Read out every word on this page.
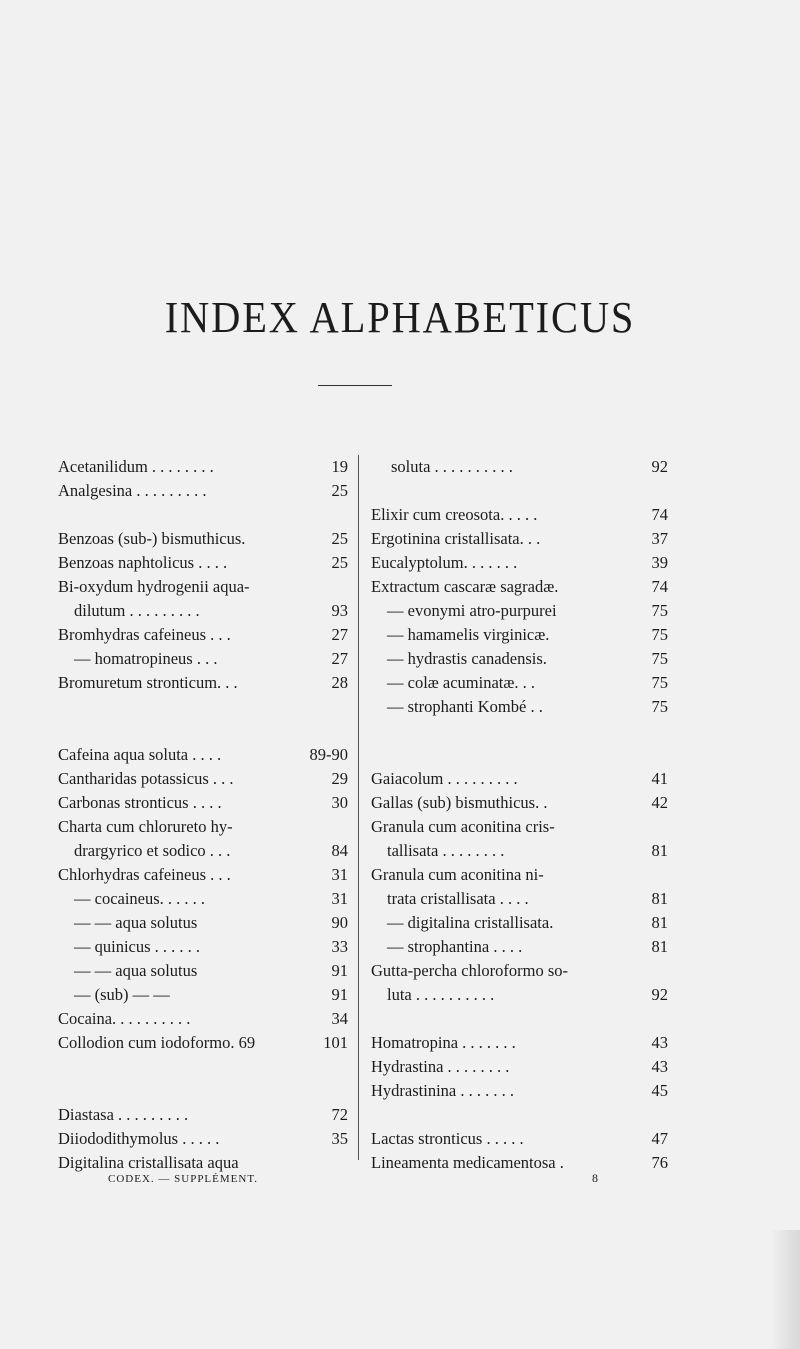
INDEX ALPHABETICUS
Acetanilidum . . . . . . . .	19
Analgesina . . . . . . . . .	25
Benzoas (sub-) bismuthicus.	25
Benzoas naphtolicus . . . .	25
Bi-oxydum hydrogenii aqua-
dilutum . . . . . . . . .	93
Bromhydras cafeineus . . .	27
— homatropineus . . .	27
Bromuretum stronticum. . .	28
Cafeina aqua soluta . . . .	89-90
Cantharidas potassicus . . .	29
Carbonas stronticus . . . .	30
Charta cum chlorureto hy-
drargyrico et sodico . . .	84
Chlorhydras cafeineus . . .	31
— cocaineus. . . . . .	31
— — aqua solutus	90
— quinicus . . . . . .	33
— — aqua solutus	91
— (sub) — —	91
Cocaina. . . . . . . . . .	34
Collodion cum iodoformo. 69	101
Diastasa . . . . . . . . .	72
Diiododithymolus . . . . .	35
Digitalina cristallisata aqua
soluta . . . . . . . . . .	92
Elixir cum creosota. . . . .	74
Ergotinina cristallisata. . .	37
Eucalyptolum. . . . . . .	39
Extractum cascaræ sagradæ.	74
— evonymi atro-purpurei	75
— hamamelis virginicæ.	75
— hydrastis canadensis.	75
— colæ acuminatæ. . .	75
— strophanti Kombé . .	75
Gaiacolum . . . . . . . . .	41
Gallas (sub) bismuthicus. .	42
Granula cum aconitina cris-
tallisata . . . . . . . .	81
Granula cum aconitina ni-
trata cristallisata . . . .	81
— digitalina cristallisata.	81
— strophantina . . . .	81
Gutta-percha chloroformo so-
luta . . . . . . . . . .	92
Homatropina . . . . . . .	43
Hydrastina . . . . . . . .	43
Hydrastinina . . . . . . .	45
Lactas stronticus . . . . .	47
Lineamenta medicamentosa .	76
CODEX. — SUPPLÉMENT.	8
